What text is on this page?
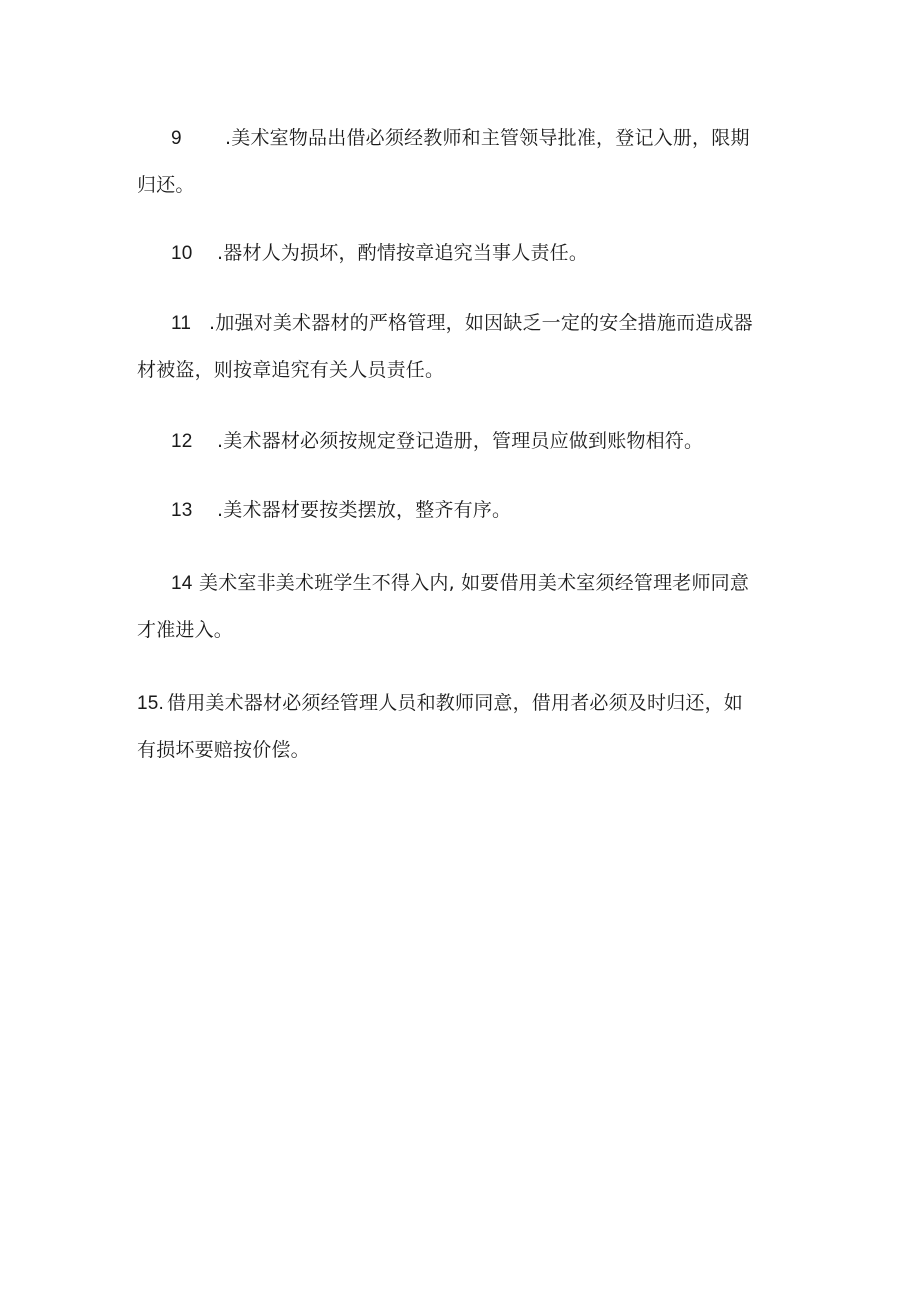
9 .美术室物品出借必须经教师和主管领导批准，登记入册，限期
归还。

10 .器材人为损坏，酌情按章追究当事人责任。

11 .加强对美术器材的严格管理，如因缺乏一定的安全措施而造成器
材被盗，则按章追究有关人员责任。

12 .美术器材必须按规定登记造册，管理员应做到账物相符。

13 .美术器材要按类摆放，整齐有序。

14 美术室非美术班学生不得入内, 如要借用美术室须经管理老师同意
才准进入。

15. 借用美术器材必须经管理人员和教师同意，借用者必须及时归还，如
有损坏要赔按价偿。
